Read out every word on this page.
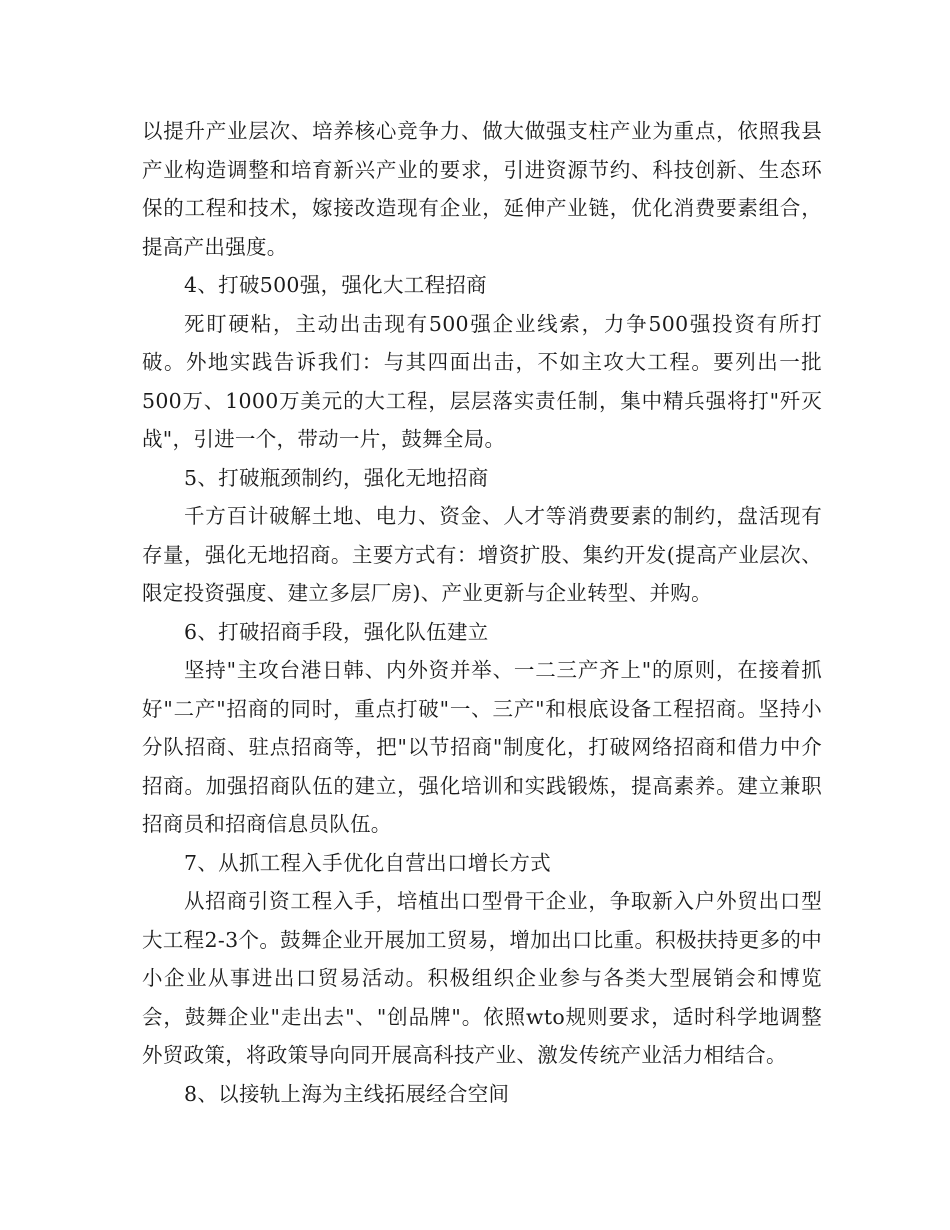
以提升产业层次、培养核心竞争力、做大做强支柱产业为重点，依照我县产业构造调整和培育新兴产业的要求，引进资源节约、科技创新、生态环保的工程和技术，嫁接改造现有企业，延伸产业链，优化消费要素组合，提高产出强度。

4、打破500强，强化大工程招商

死盯硬粘，主动出击现有500强企业线索，力争500强投资有所打破。外地实践告诉我们：与其四面出击，不如主攻大工程。要列出一批500万、1000万美元的大工程，层层落实责任制，集中精兵强将打"歼灭战"，引进一个，带动一片，鼓舞全局。

5、打破瓶颈制约，强化无地招商

千方百计破解土地、电力、资金、人才等消费要素的制约，盘活现有存量，强化无地招商。主要方式有：增资扩股、集约开发(提高产业层次、限定投资强度、建立多层厂房)、产业更新与企业转型、并购。

6、打破招商手段，强化队伍建立

坚持"主攻台港日韩、内外资并举、一二三产齐上"的原则，在接着抓好"二产"招商的同时，重点打破"一、三产"和根底设备工程招商。坚持小分队招商、驻点招商等，把"以节招商"制度化，打破网络招商和借力中介招商。加强招商队伍的建立，强化培训和实践锻炼，提高素养。建立兼职招商员和招商信息员队伍。

7、从抓工程入手优化自营出口增长方式

从招商引资工程入手，培植出口型骨干企业，争取新入户外贸出口型大工程2-3个。鼓舞企业开展加工贸易，增加出口比重。积极扶持更多的中小企业从事进出口贸易活动。积极组织企业参与各类大型展销会和博览会，鼓舞企业"走出去"、"创品牌"。依照wto规则要求，适时科学地调整外贸政策，将政策导向同开展高科技产业、激发传统产业活力相结合。

8、以接轨上海为主线拓展经合空间
